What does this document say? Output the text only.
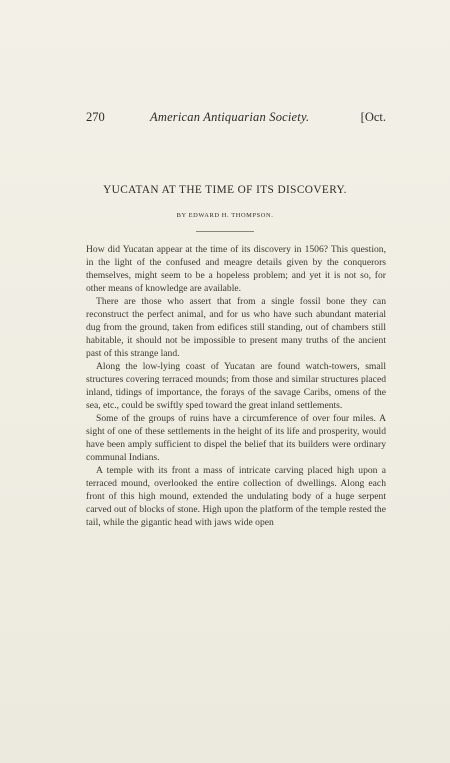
270	American Antiquarian Society.	[Oct.
YUCATAN AT THE TIME OF ITS DISCOVERY.
BY EDWARD H. THOMPSON.

How did Yucatan appear at the time of its discovery in 1506? This question, in the light of the confused and meagre details given by the conquerors themselves, might seem to be a hopeless problem; and yet it is not so, for other means of knowledge are available.

There are those who assert that from a single fossil bone they can reconstruct the perfect animal, and for us who have such abundant material dug from the ground, taken from edifices still standing, out of chambers still habitable, it should not be impossible to present many truths of the ancient past of this strange land.

Along the low-lying coast of Yucatan are found watch-towers, small structures covering terraced mounds; from those and similar structures placed inland, tidings of importance, the forays of the savage Caribs, omens of the sea, etc., could be swiftly sped toward the great inland settlements.

Some of the groups of ruins have a circumference of over four miles. A sight of one of these settlements in the height of its life and prosperity, would have been amply sufficient to dispel the belief that its builders were ordinary communal Indians.

A temple with its front a mass of intricate carving placed high upon a terraced mound, overlooked the entire collection of dwellings. Along each front of this high mound, extended the undulating body of a huge serpent carved out of blocks of stone. High upon the platform of the temple rested the tail, while the gigantic head with jaws wide open
